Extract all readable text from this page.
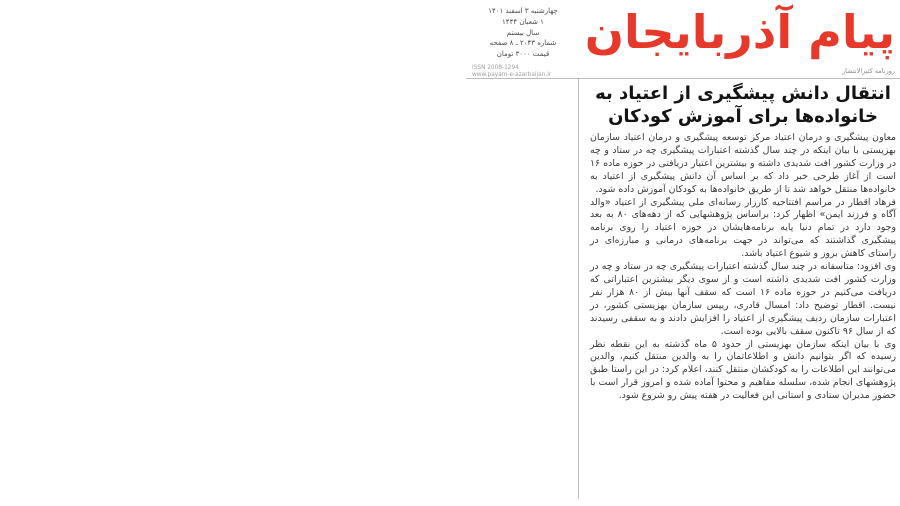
چهارشنبه ۳ اسفند ۱۴۰۱
۱ شعبان ۱۴۴۴
سال بیستم
شماره ۲۰۴۳ ـ ۸ صفحه
قیمت ۳۰۰۰ تومان
ISSN 2008-1294
www.payam-e-azarbaijan.ir
پیام آذربایجان
روزنامه کثیرالانتشار
انتقال دانش پیشگیری از اعتیاد به
خانواده‌ها برای آموزش کودکان

معاون پیشگیری و درمان اعتیاد مرکز توسعه پیشگیری و درمان اعتیاد سازمان بهزیستی با بیان اینکه در چند سال گذشته اعتبارات پیشگیری چه در ستاد و چه در وزارت کشور افت شدیدی داشته و بیشترین اعتبار دریافتی در حوزه ماده ۱۶ است از آغاز طرحی خبر داد که بر اساس آن دانش پیشگیری از اعتیاد به خانواده‌ها منتقل خواهد شد تا از طریق خانواده‌ها به کودکان آموزش داده شود.

فرهاد اقطار در مراسم افتتاحیه کارزار رسانه‌ای ملی پیشگیری از اعتیاد «والد آگاه و فرزند ایمن» اظهار کرد: براساس پژوهشهایی که از دهه‌های ۸۰ به بعد وجود دارد در تمام دنیا پایه برنامه‌هایشان در حوزه اعتیاد را روی برنامه پیشگیری گذاشتند که می‌تواند در جهت برنامه‌های درمانی و مبارزه‌ای در راستای کاهش بروز و شیوع اعتیاد باشد.

وی افزود: متاسفانه در چند سال گذشته اعتبارات پیشگیری چه در ستاد و چه در وزارت کشور افت شدیدی داشته است و از سوی دیگر بیشترین اعتباراتی که دریافت می‌کنیم در حوزه ماده ۱۶ است که سقف آنها بیش از ۸۰ هزار نفر نیست. اقطار توضیح داد: امسال قادری، رییس سازمان بهزیستی کشور، در اعتبارات سازمان ردیف پیشگیری از اعتیاد را افزایش دادند و به سقفی رسیدند که از سال ۹۶ تاکنون سقف بالایی بوده است.

وی با بیان اینکه سازمان بهزیستی از حدود ۵ ماه گذشته به این نقطه نظر رسیده که اگر بتوانیم دانش و اطلاعاتمان را به والدین منتقل کنیم، والدین می‌توانند این اطلاعات را به کودکشان منتقل کنند، اعلام کرد: در این راستا طبق پژوهشهای انجام شده، سلسله مفاهیم و محتوا آماده شده و امروز قرار است با حضور مدیران ستادی و استانی این فعالیت در هفته پیش رو شروع شود.
